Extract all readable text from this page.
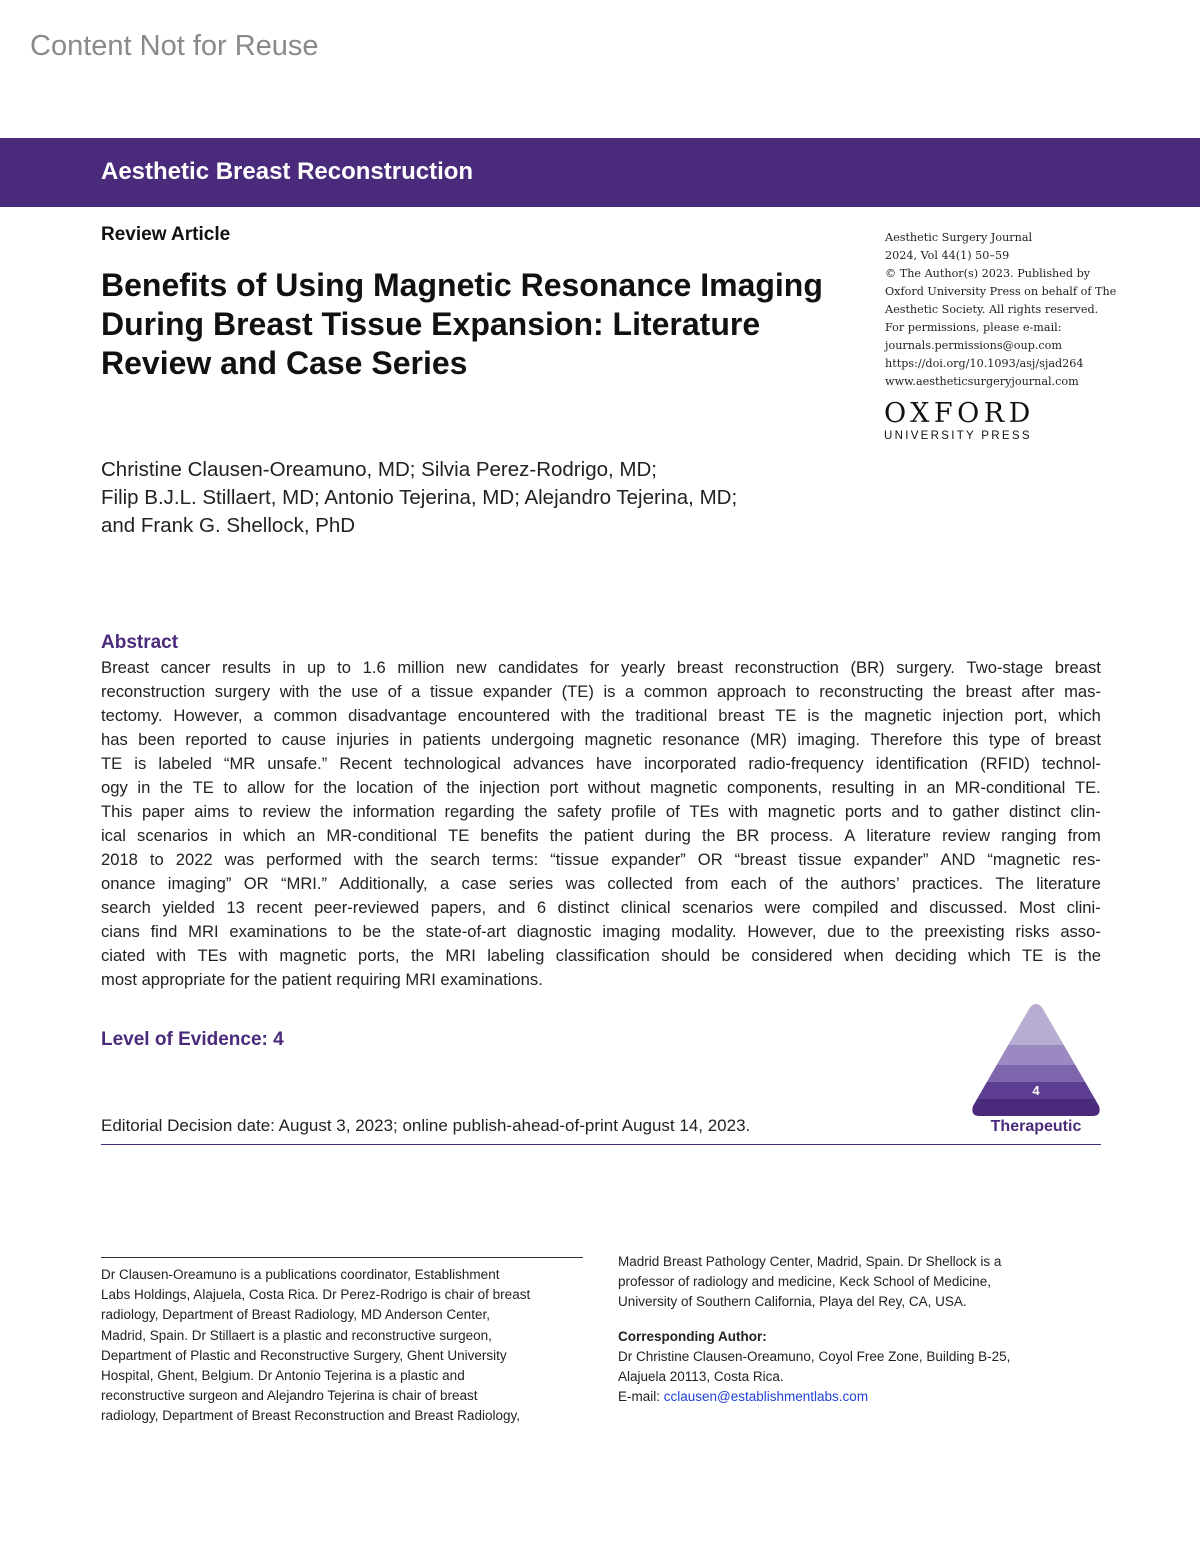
Content Not for Reuse
Aesthetic Breast Reconstruction
Review Article
Benefits of Using Magnetic Resonance Imaging
During Breast Tissue Expansion: Literature
Review and Case Series
Aesthetic Surgery Journal
2024, Vol 44(1) 50–59
© The Author(s) 2023. Published by
Oxford University Press on behalf of The
Aesthetic Society. All rights reserved.
For permissions, please e-mail:
journals.permissions@oup.com
https://doi.org/10.1093/asj/sjad264
www.aestheticsurgeryjournal.com
OXFORD
UNIVERSITY PRESS
Christine Clausen-Oreamuno, MD; Silvia Perez-Rodrigo, MD;
Filip B.J.L. Stillaert, MD; Antonio Tejerina, MD; Alejandro Tejerina, MD;
and Frank G. Shellock, PhD
Abstract
Breast cancer results in up to 1.6 million new candidates for yearly breast reconstruction (BR) surgery. Two-stage breast
reconstruction surgery with the use of a tissue expander (TE) is a common approach to reconstructing the breast after mas-
tectomy. However, a common disadvantage encountered with the traditional breast TE is the magnetic injection port, which
has been reported to cause injuries in patients undergoing magnetic resonance (MR) imaging. Therefore this type of breast
TE is labeled “MR unsafe.” Recent technological advances have incorporated radio-frequency identification (RFID) technol-
ogy in the TE to allow for the location of the injection port without magnetic components, resulting in an MR-conditional TE.
This paper aims to review the information regarding the safety profile of TEs with magnetic ports and to gather distinct clin-
ical scenarios in which an MR-conditional TE benefits the patient during the BR process. A literature review ranging from
2018 to 2022 was performed with the search terms: “tissue expander” OR “breast tissue expander” AND “magnetic res-
onance imaging” OR “MRI.” Additionally, a case series was collected from each of the authors’ practices. The literature
search yielded 13 recent peer-reviewed papers, and 6 distinct clinical scenarios were compiled and discussed. Most clini-
cians find MRI examinations to be the state-of-art diagnostic imaging modality. However, due to the preexisting risks asso-
ciated with TEs with magnetic ports, the MRI labeling classification should be considered when deciding which TE is the
most appropriate for the patient requiring MRI examinations.
Level of Evidence: 4
4
Therapeutic
Editorial Decision date: August 3, 2023; online publish-ahead-of-print August 14, 2023.
Dr Clausen-Oreamuno is a publications coordinator, Establishment
Labs Holdings, Alajuela, Costa Rica. Dr Perez-Rodrigo is chair of breast
radiology, Department of Breast Radiology, MD Anderson Center,
Madrid, Spain. Dr Stillaert is a plastic and reconstructive surgeon,
Department of Plastic and Reconstructive Surgery, Ghent University
Hospital, Ghent, Belgium. Dr Antonio Tejerina is a plastic and
reconstructive surgeon and Alejandro Tejerina is chair of breast
radiology, Department of Breast Reconstruction and Breast Radiology,
Madrid Breast Pathology Center, Madrid, Spain. Dr Shellock is a
professor of radiology and medicine, Keck School of Medicine,
University of Southern California, Playa del Rey, CA, USA.
Corresponding Author:
Dr Christine Clausen-Oreamuno, Coyol Free Zone, Building B-25,
Alajuela 20113, Costa Rica.
E-mail: cclausen@establishmentlabs.com
